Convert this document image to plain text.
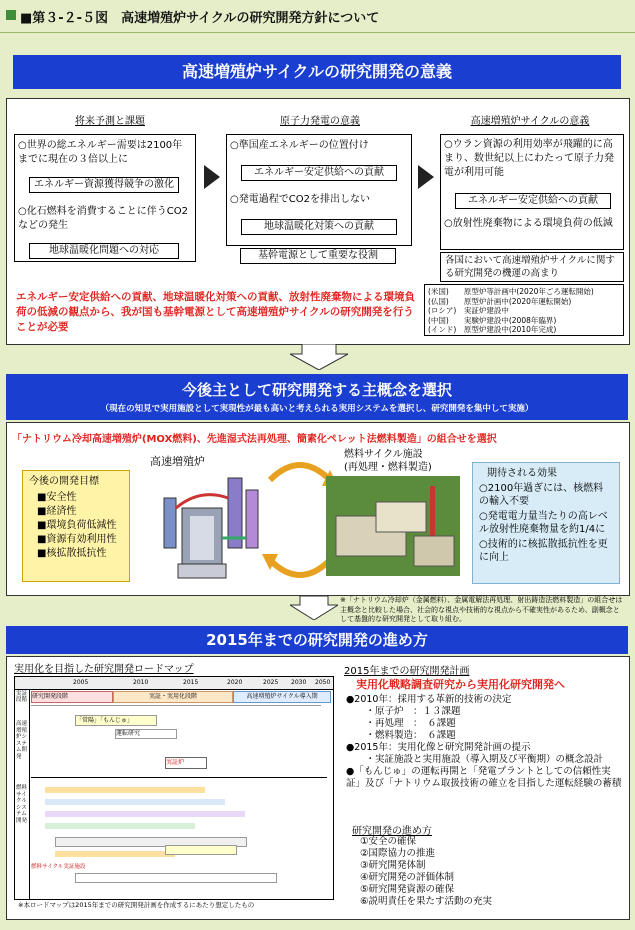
■第３-２-５図　高速増殖炉サイクルの研究開発方針について
高速増殖炉サイクルの研究開発の意義
将来予測と課題	原子力発電の意義	高速増殖炉サイクルの意義
○世界の総エネルギー需要は2100年までに現在の３倍以上に
エネルギー資源獲得競争の激化
○化石燃料を消費することに伴うCO2などの発生
地球温暖化問題への対応
○準国産エネルギーの位置付け
エネルギー安定供給への貢献
○発電過程でCO2を排出しない
地球温暖化対策への貢献
基幹電源として重要な役割
○ウラン資源の利用効率が飛躍的に高まり、数世紀以上にわたって原子力発電が利用可能
エネルギー安定供給への貢献
○放射性廃棄物による環境負荷の低減
各国において高速増殖炉サイクルに関する研究開発の機運の高まり
(米国)　　原型炉等計画中(2020年ごろ運転開始)
(仏国)　　原型炉計画中(2020年運転開始)
(ロシア)　実証炉建設中
(中国)　　実験炉建設中(2008年臨界)
(インド)　原型炉建設中(2010年完成)
エネルギー安定供給への貢献、地球温暖化対策への貢献、放射性廃棄物による環境負荷の低減の観点から、我が国も基幹電源として高速増殖炉サイクルの研究開発を行うことが必要
今後主として研究開発する主概念を選択
（現在の知見で実用施設として実現性が最も高いと考えられる実用システムを選択し、研究開発を集中して実施）
「ナトリウム冷却高速増殖炉(MOX燃料)、先進湿式法再処理、簡素化ペレット法燃料製造」の組合せを選択
高速増殖炉
燃料サイクル施設
(再処理・燃料製造)
今後の開発目標
■安全性
■経済性
■環境負荷低減性
■資源有効利用性
■核拡散抵抗性
期待される効果
○2100年過ぎには、核燃料の輸入不要
○発電電力量当たりの高レベル放射性廃棄物量を約1/4に
○技術的に核拡散抵抗性を更に向上
※「ナトリウム冷却炉（金属燃料）、金属電解法再処理、射出鋳造法燃料製造」の組合せは主概念と比較した場合、社会的な視点や技術的な視点から不確実性があるため、副概念として基盤的な研究開発として取り組む。
2015年までの研究開発の進め方
実用化を目指した研究開発ロードマップ
2005	2010	2015	2020	2025 2030 2050
実証段階
高速増殖炉システム開発
燃料サイクルシステム開発
研究開発段階	実証・実用化段階	高速増殖炉サイクル導入期
「常陽」「もんじゅ」
運転研究
実証炉
燃料サイクル実証施設
※本ロードマップは2015年までの研究開発計画を作成するにあたり想定したもの
2015年までの研究開発計画
実用化戦略調査研究から実用化研究開発へ
●2010年：採用する革新的技術の決定
　・原子炉　：１３課題
　・再処理　：　６課題
　・燃料製造：　６課題
●2015年：実用化像と研究開発計画の提示
　・実証施設と実用施設（導入期及び平衡期）の概念設計
●「もんじゅ」の運転再開と「発電プラントとしての信頼性実証」及び「ナトリウム取扱技術の確立を目指した運転経験の蓄積
研究開発の進め方
①安全の確保
②国際協力の推進
③研究開発体制
④研究開発の評価体制
⑤研究開発資源の確保
⑥説明責任を果たす活動の充実
